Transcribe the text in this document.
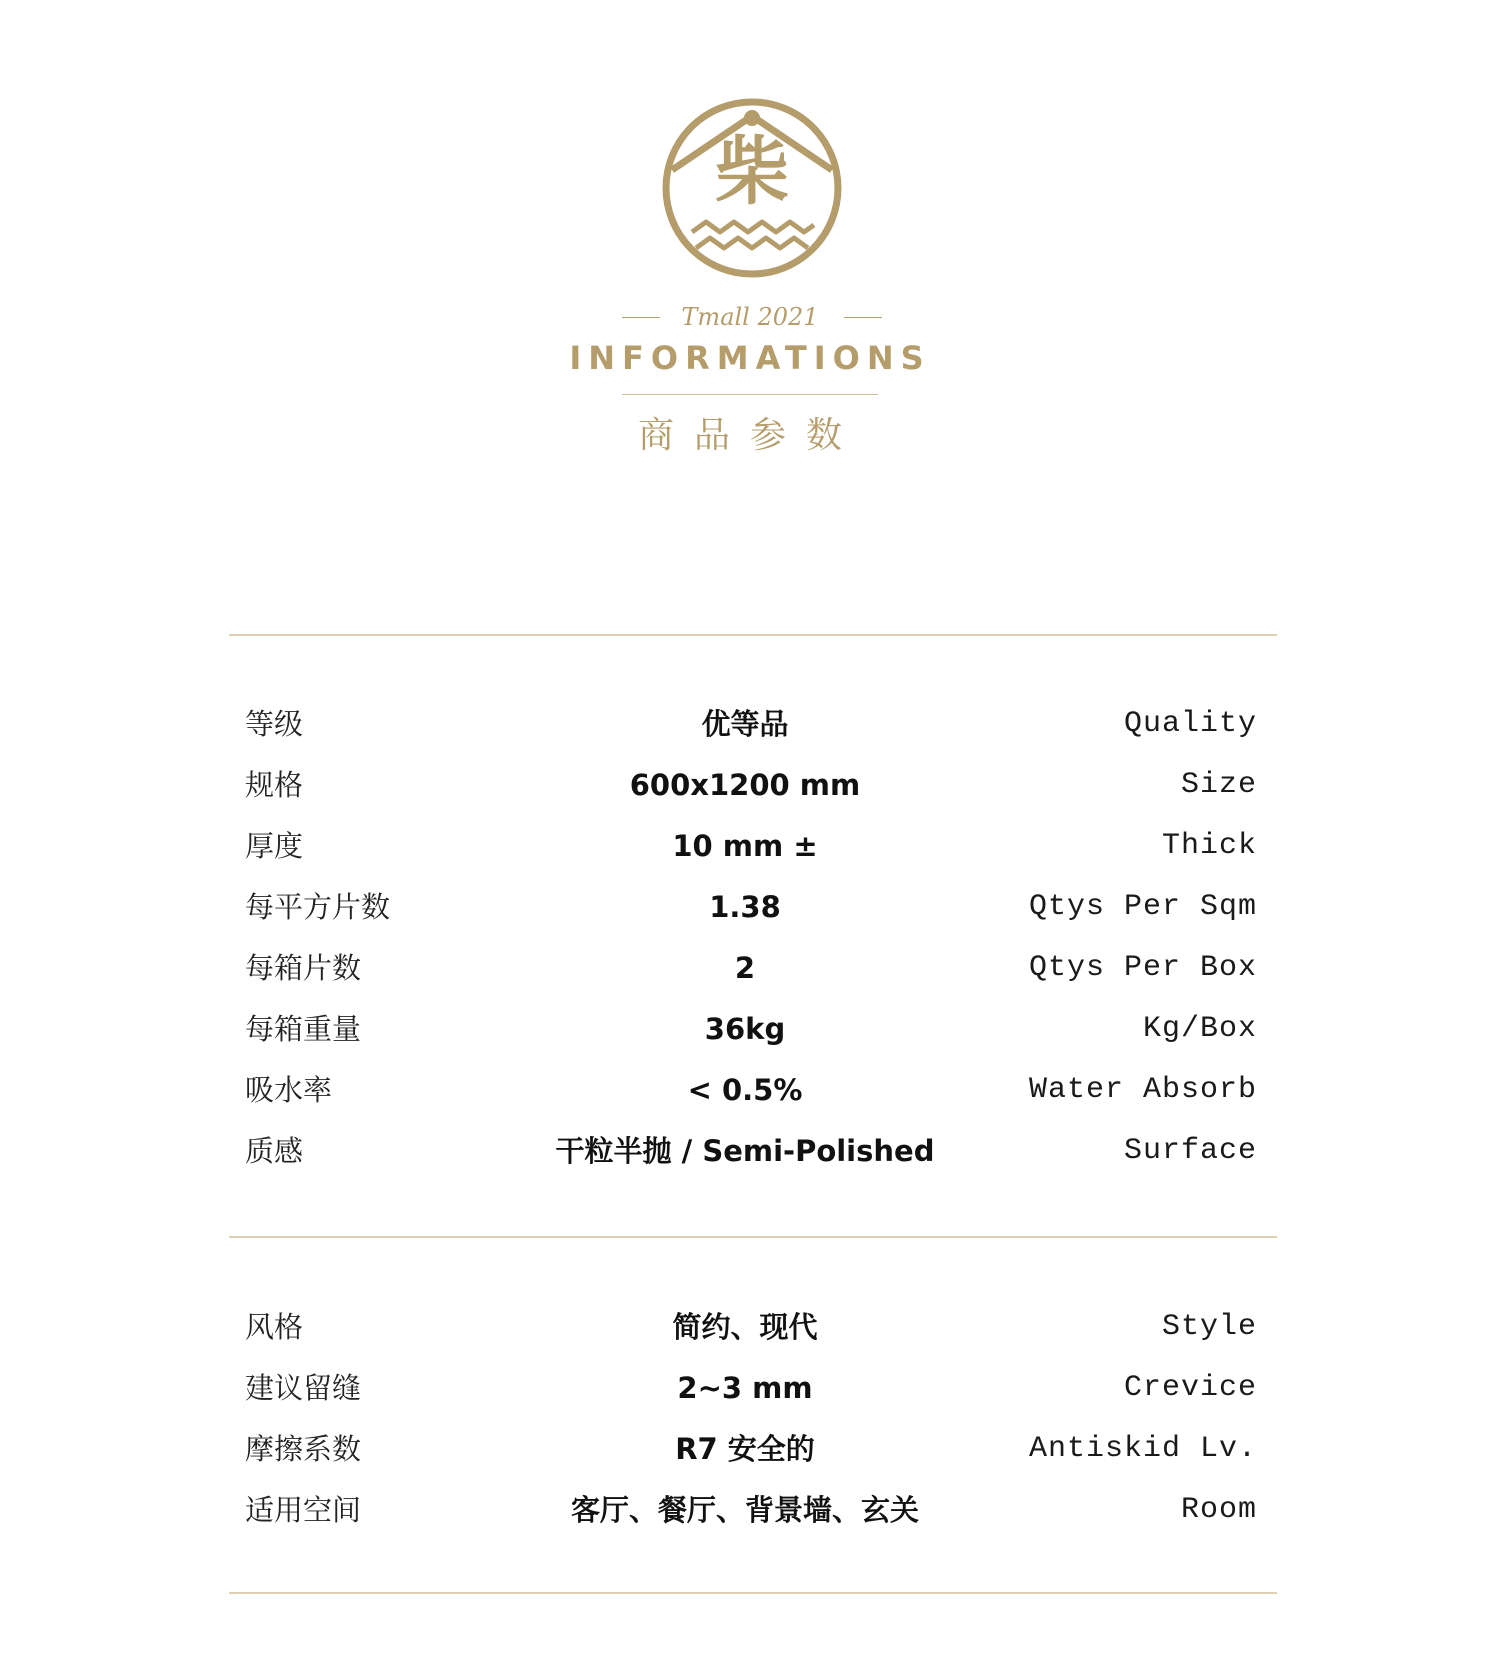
柴
Tmall 2021
INFORMATIONS
商品参数
等级	优等品	Quality
规格	600x1200 mm	Size
厚度	10 mm ±	Thick
每平方片数	1.38	Qtys Per Sqm
每箱片数	2	Qtys Per Box
每箱重量	36kg	Kg/Box
吸水率	< 0.5%	Water Absorb
质感	干粒半抛 / Semi-Polished	Surface
风格	简约、现代	Style
建议留缝	2~3 mm	Crevice
摩擦系数	R7 安全的	Antiskid Lv.
适用空间	客厅、餐厅、背景墙、玄关	Room
